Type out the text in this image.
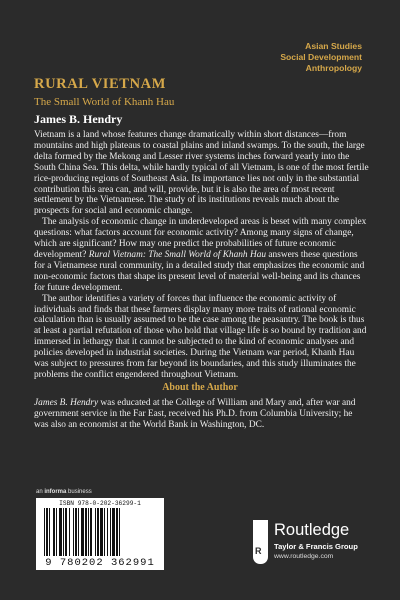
Asian Studies
Social Development
Anthropology
RURAL VIETNAM
The Small World of Khanh Hau
James B. Hendry

Vietnam is a land whose features change dramatically within short distances—from mountains and high plateaus to coastal plains and inland swamps. To the south, the large delta formed by the Mekong and Lesser river systems inches forward yearly into the South China Sea. This delta, while hardly typical of all Vietnam, is one of the most fertile rice-producing regions of Southeast Asia. Its importance lies not only in the substantial contribution this area can, and will, provide, but it is also the area of most recent settlement by the Vietnamese. The study of its institutions reveals much about the prospects for social and economic change.

The analysis of economic change in underdeveloped areas is beset with many complex questions: what factors account for economic activity? Among many signs of change, which are significant? How may one predict the probabilities of future economic development? Rural Vietnam: The Small World of Khanh Hau answers these questions for a Vietnamese rural community, in a detailed study that emphasizes the economic and non-economic factors that shape its present level of material well-being and its chances for future development.

The author identifies a variety of forces that influence the economic activity of individuals and finds that these farmers display many more traits of rational economic calculation than is usually assumed to be the case among the peasantry. The book is thus at least a partial refutation of those who hold that village life is so bound by tradition and immersed in lethargy that it cannot be subjected to the kind of economic analyses and policies developed in industrial societies. During the Vietnam war period, Khanh Hau was subject to pressures from far beyond its boundaries, and this study illuminates the problems the conflict engendered throughout Vietnam.

About the Author
James B. Hendry was educated at the College of William and Mary and, after war and government service in the Far East, received his Ph.D. from Columbia University; he was also an economist at the World Bank in Washington, DC.
an informa business
ISBN 978-0-202-36299-1
9 780202 362991
R
Routledge
Taylor & Francis Group
www.routledge.com
